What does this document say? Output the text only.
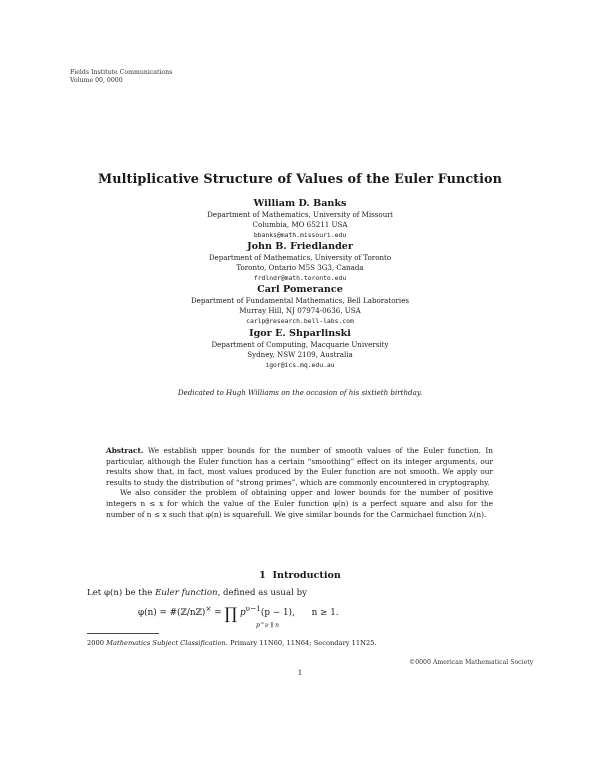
Fields Institute Communications
Volume 00, 0000
Multiplicative Structure of Values of the Euler Function
William D. Banks
Department of Mathematics, University of Missouri
Columbia, MO 65211 USA
bbanks@math.missouri.edu
John B. Friedlander
Department of Mathematics, University of Toronto
Toronto, Ontario M5S 3G3, Canada
frdlndr@math.toronto.edu
Carl Pomerance
Department of Fundamental Mathematics, Bell Laboratories
Murray Hill, NJ 07974-0636, USA
carlp@research.bell-labs.com
Igor E. Shparlinski
Department of Computing, Macquarie University
Sydney, NSW 2109, Australia
igor@ics.mq.edu.au
Dedicated to Hugh Williams on the occasion of his sixtieth birthday.

Abstract. We establish upper bounds for the number of smooth values of the Euler function. In particular, although the Euler function has a certain “smoothing” effect on its integer arguments, our results show that, in fact, most values produced by the Euler function are not smooth. We apply our results to study the distribution of “strong primes”, which are commonly encountered in cryptography.

We also consider the problem of obtaining upper and lower bounds for the number of positive integers n ≤ x for which the value of the Euler function φ(n) is a perfect square and also for the number of n ≤ x such that φ(n) is squarefull. We give similar bounds for the Carmichael function λ(n).

1 Introduction
Let φ(n) be the Euler function, defined as usual by
φ(n) = #(ℤ/nℤ)× = ∏ $p^{\nu-1}(p - 1)$, n ≥ 1.
p^ν ∥ n
2000 Mathematics Subject Classification. Primary 11N60, 11N64; Secondary 11N25.
©0000 American Mathematical Society
1
